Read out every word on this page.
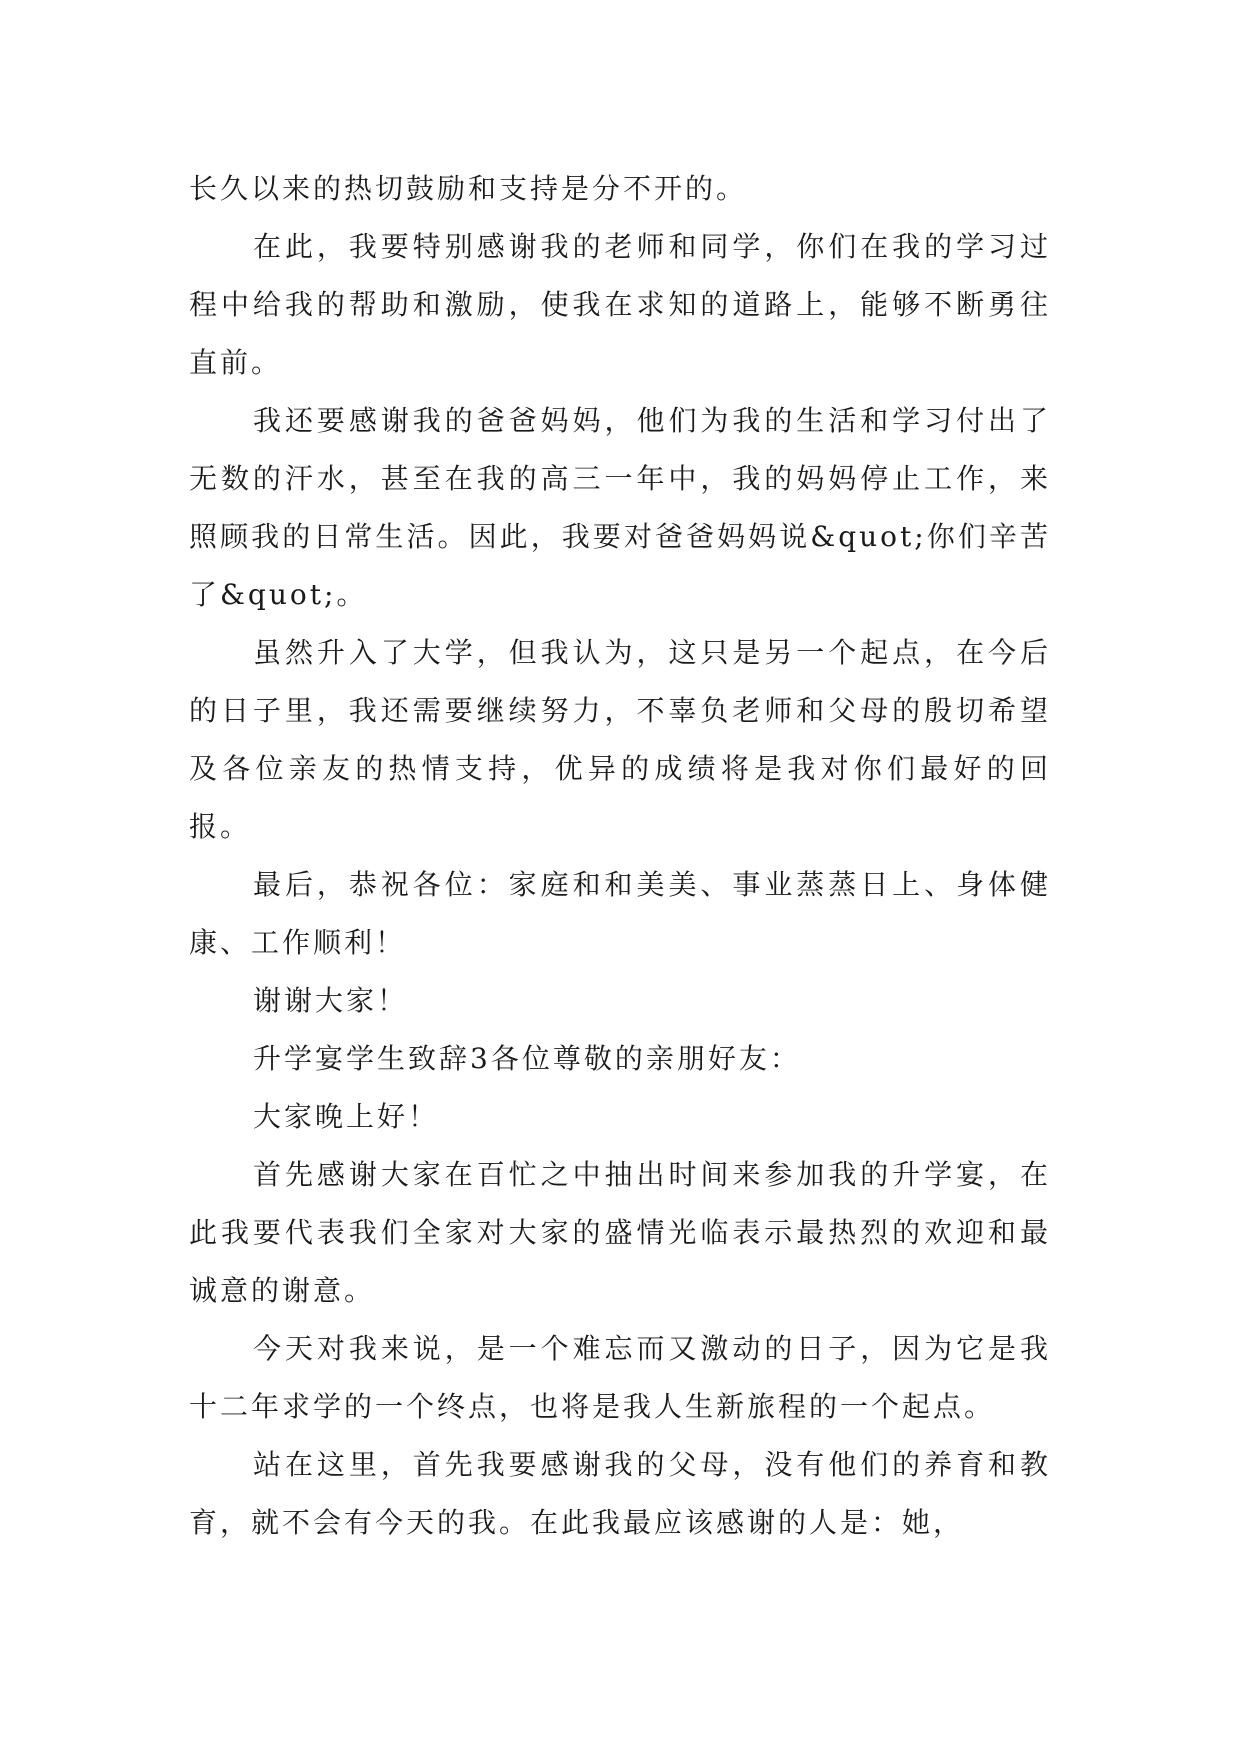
长久以来的热切鼓励和支持是分不开的。

在此，我要特别感谢我的老师和同学，你们在我的学习过程中给我的帮助和激励，使我在求知的道路上，能够不断勇往直前。

我还要感谢我的爸爸妈妈，他们为我的生活和学习付出了无数的汗水，甚至在我的高三一年中，我的妈妈停止工作，来照顾我的日常生活。因此，我要对爸爸妈妈说&quot;你们辛苦了&quot;。

虽然升入了大学，但我认为，这只是另一个起点，在今后的日子里，我还需要继续努力，不辜负老师和父母的殷切希望及各位亲友的热情支持，优异的成绩将是我对你们最好的回报。

最后，恭祝各位：家庭和和美美、事业蒸蒸日上、身体健康、工作顺利！

谢谢大家！

升学宴学生致辞3各位尊敬的亲朋好友：

大家晚上好！

首先感谢大家在百忙之中抽出时间来参加我的升学宴，在此我要代表我们全家对大家的盛情光临表示最热烈的欢迎和最诚意的谢意。

今天对我来说，是一个难忘而又激动的日子，因为它是我十二年求学的一个终点，也将是我人生新旅程的一个起点。

站在这里，首先我要感谢我的父母，没有他们的养育和教育，就不会有今天的我。在此我最应该感谢的人是：她，
